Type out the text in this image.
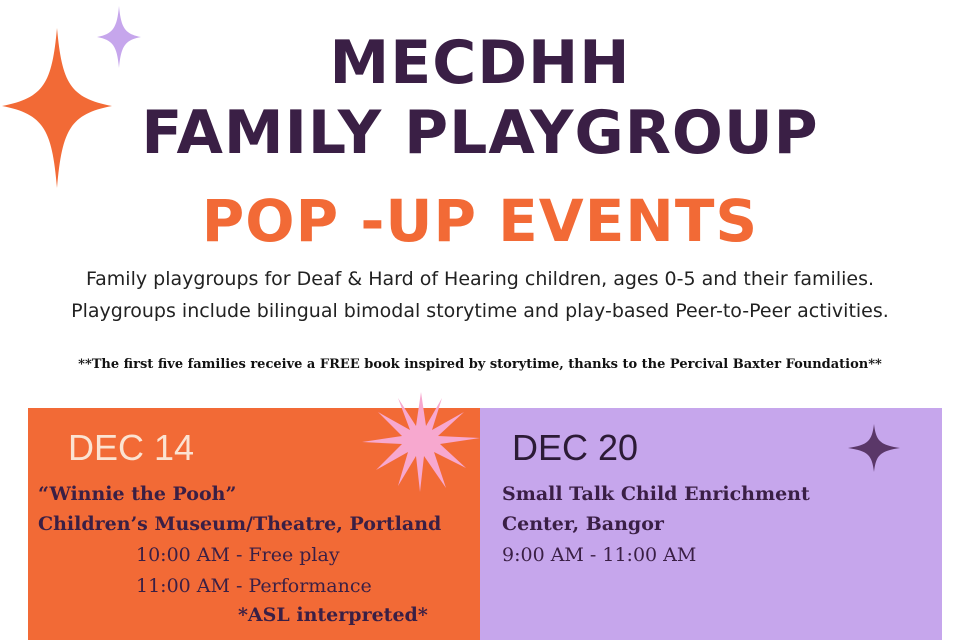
MECDHH
FAMILY PLAYGROUP
POP -UP EVENTS
Family playgroups for Deaf & Hard of Hearing children, ages 0-5 and their families.
Playgroups include bilingual bimodal storytime and play-based Peer-to-Peer activities.
**The first five families receive a FREE book inspired by storytime, thanks to the Percival Baxter Foundation**
DEC 14
“Winnie the Pooh”
Children’s Museum/Theatre, Portland
10:00 AM - Free play
11:00 AM - Performance
*ASL interpreted*
DEC 20
Small Talk Child Enrichment
Center, Bangor
9:00 AM - 11:00 AM
